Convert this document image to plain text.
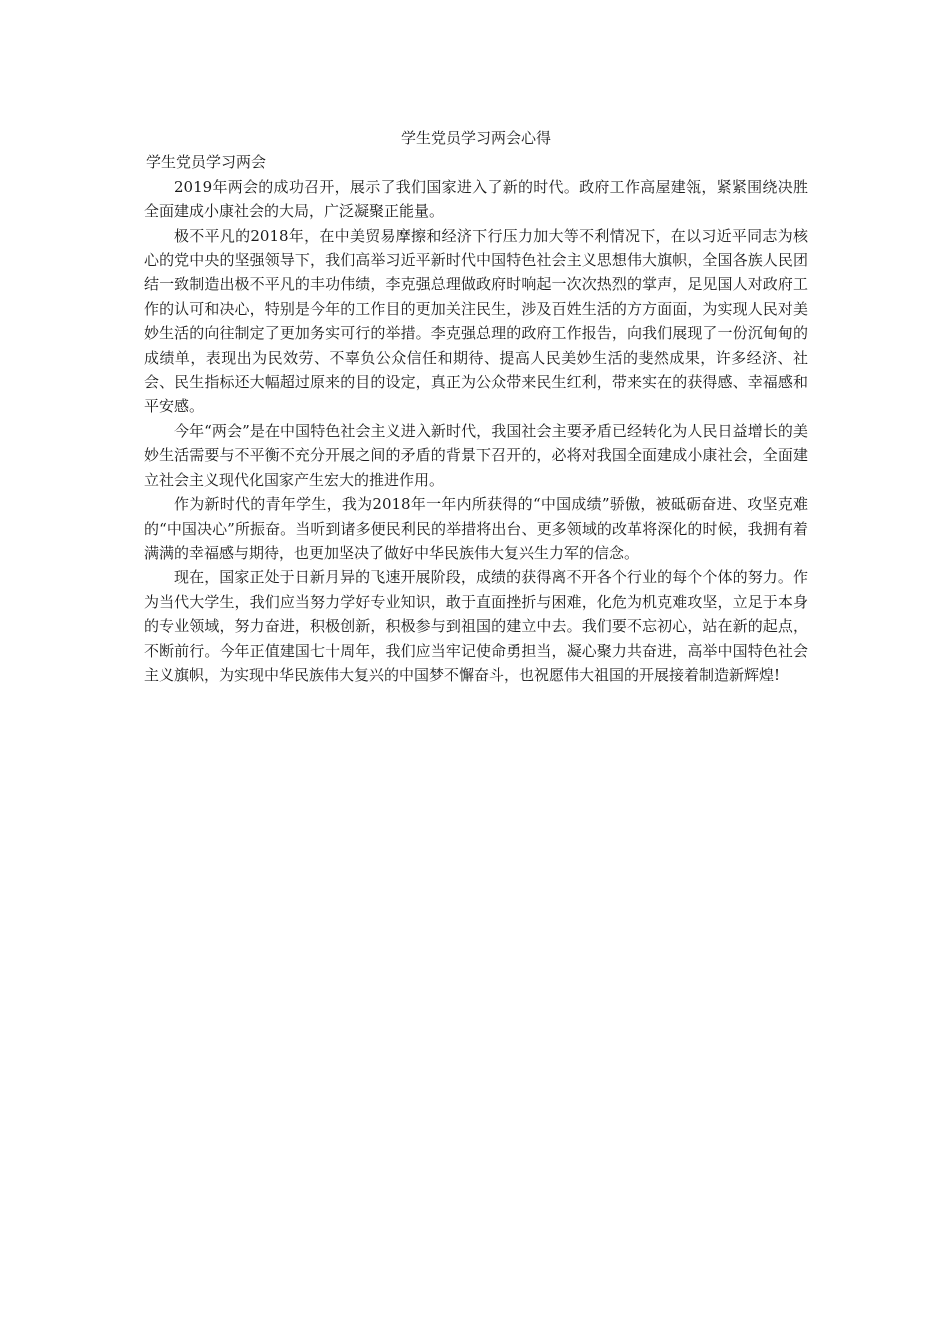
学生党员学习两会心得

学生党员学习两会

2019年两会的成功召开，展示了我们国家进入了新的时代。政府工作高屋建瓴，紧紧围绕决胜全面建成小康社会的大局，广泛凝聚正能量。

极不平凡的2018年，在中美贸易摩擦和经济下行压力加大等不利情况下，在以习近平同志为核心的党中央的坚强领导下，我们高举习近平新时代中国特色社会主义思想伟大旗帜，全国各族人民团结一致制造出极不平凡的丰功伟绩，李克强总理做政府时响起一次次热烈的掌声，足见国人对政府工作的认可和决心，特别是今年的工作目的更加关注民生，涉及百姓生活的方方面面，为实现人民对美妙生活的向往制定了更加务实可行的举措。李克强总理的政府工作报告，向我们展现了一份沉甸甸的成绩单，表现出为民效劳、不辜负公众信任和期待、提高人民美妙生活的斐然成果，许多经济、社会、民生指标还大幅超过原来的目的设定，真正为公众带来民生红利，带来实在的获得感、幸福感和平安感。

今年“两会”是在中国特色社会主义进入新时代，我国社会主要矛盾已经转化为人民日益增长的美妙生活需要与不平衡不充分开展之间的矛盾的背景下召开的，必将对我国全面建成小康社会，全面建立社会主义现代化国家产生宏大的推进作用。

作为新时代的青年学生，我为2018年一年内所获得的“中国成绩”骄傲，被砥砺奋进、攻坚克难的“中国决心”所振奋。当听到诸多便民利民的举措将出台、更多领域的改革将深化的时候，我拥有着满满的幸福感与期待，也更加坚决了做好中华民族伟大复兴生力军的信念。

现在，国家正处于日新月异的飞速开展阶段，成绩的获得离不开各个行业的每个个体的努力。作为当代大学生，我们应当努力学好专业知识，敢于直面挫折与困难，化危为机克难攻坚，立足于本身的专业领域，努力奋进，积极创新，积极参与到祖国的建立中去。我们要不忘初心，站在新的起点，不断前行。今年正值建国七十周年，我们应当牢记使命勇担当，凝心聚力共奋进，高举中国特色社会主义旗帜，为实现中华民族伟大复兴的中国梦不懈奋斗，也祝愿伟大祖国的开展接着制造新辉煌!
